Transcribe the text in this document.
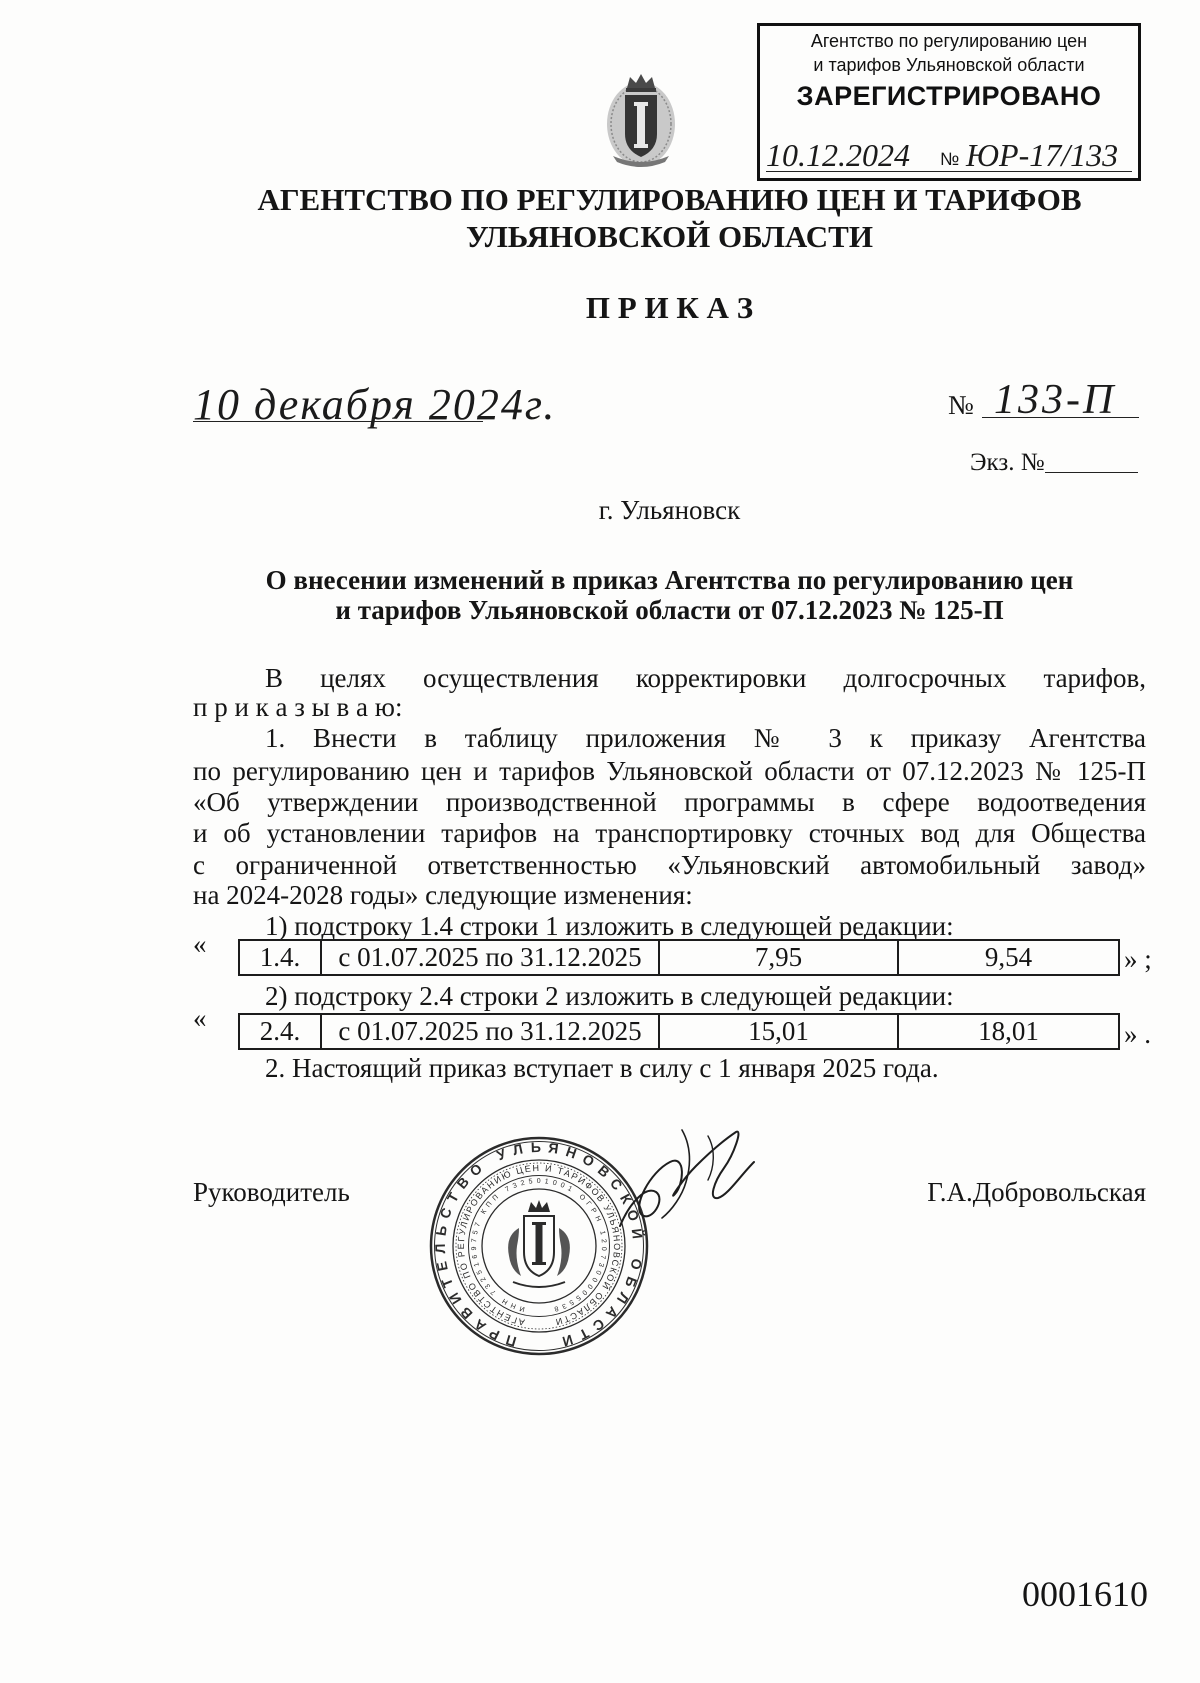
Агентство по регулированию цен
и тарифов Ульяновской области
ЗАРЕГИСТРИРОВАНО
10.12.2024 № ЮР-17/133
АГЕНТСТВО ПО РЕГУЛИРОВАНИЮ ЦЕН И ТАРИФОВ
УЛЬЯНОВСКОЙ ОБЛАСТИ
П Р И К А З
10 декабря 2024г.	№ 133-П
Экз. №
г. Ульяновск
О внесении изменений в приказ Агентства по регулированию цен
и тарифов Ульяновской области от 07.12.2023 № 125-П
В целях осуществления корректировки долгосрочных тарифов,
п р и к а з ы в а ю:
1. Внести в таблицу приложения № 3 к приказу Агентства
по регулированию цен и тарифов Ульяновской области от 07.12.2023 № 125-П
«Об утверждении производственной программы в сфере водоотведения
и об установлении тарифов на транспортировку сточных вод для Общества
с ограниченной ответственностью «Ульяновский автомобильный завод»
на 2024-2028 годы» следующие изменения:
1) подстроку 1.4 строки 1 изложить в следующей редакции:
«	1.4.	с 01.07.2025 по 31.12.2025	7,95	9,54	» ;
2) подстроку 2.4 строки 2 изложить в следующей редакции:
«	2.4.	с 01.07.2025 по 31.12.2025	15,01	18,01	» .
2. Настоящий приказ вступает в силу с 1 января 2025 года.
Руководитель	Г.А.Добровольская
ПРАВИТЕЛЬСТВО УЛЬЯНОВСКОЙ ОБЛАСТИ
АГЕНТСТВО ПО РЕГУЛИРОВАНИЮ ЦЕН И ТАРИФОВ УЛЬЯНОВСКОЙ ОБЛАСТИ
ИНН 7325169757 КПП 732501001 ОГРН 1207300005538
0001610
